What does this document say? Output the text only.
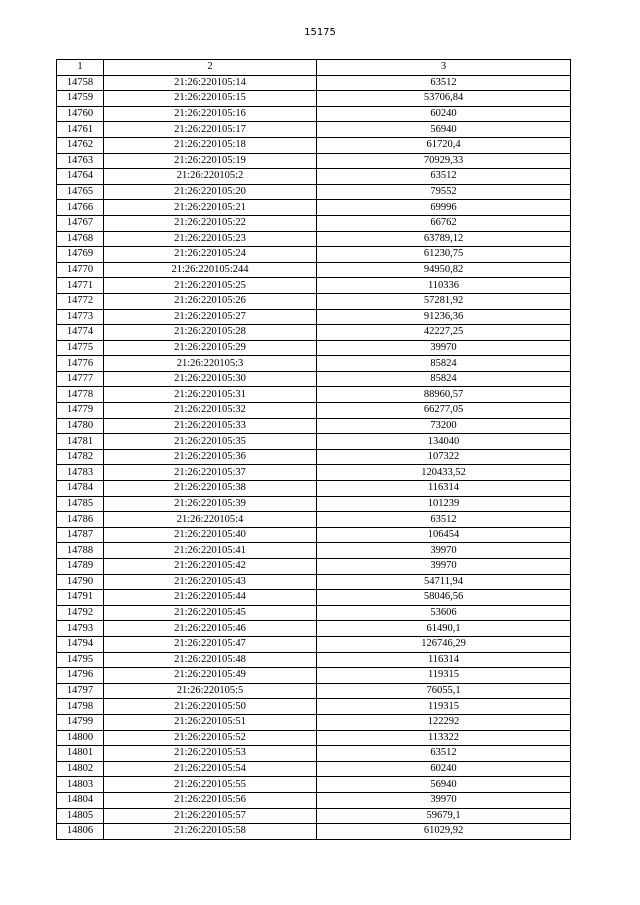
15175
1	2	3
14758	21:26:220105:14	63512
14759	21:26:220105:15	53706,84
14760	21:26:220105:16	60240
14761	21:26:220105:17	56940
14762	21:26:220105:18	61720,4
14763	21:26:220105:19	70929,33
14764	21:26:220105:2	63512
14765	21:26:220105:20	79552
14766	21:26:220105:21	69996
14767	21:26:220105:22	66762
14768	21:26:220105:23	63789,12
14769	21:26:220105:24	61230,75
14770	21:26:220105:244	94950,82
14771	21:26:220105:25	110336
14772	21:26:220105:26	57281,92
14773	21:26:220105:27	91236,36
14774	21:26:220105:28	42227,25
14775	21:26:220105:29	39970
14776	21:26:220105:3	85824
14777	21:26:220105:30	85824
14778	21:26:220105:31	88960,57
14779	21:26:220105:32	66277,05
14780	21:26:220105:33	73200
14781	21:26:220105:35	134040
14782	21:26:220105:36	107322
14783	21:26:220105:37	120433,52
14784	21:26:220105:38	116314
14785	21:26:220105:39	101239
14786	21:26:220105:4	63512
14787	21:26:220105:40	106454
14788	21:26:220105:41	39970
14789	21:26:220105:42	39970
14790	21:26:220105:43	54711,94
14791	21:26:220105:44	58046,56
14792	21:26:220105:45	53606
14793	21:26:220105:46	61490,1
14794	21:26:220105:47	126746,29
14795	21:26:220105:48	116314
14796	21:26:220105:49	119315
14797	21:26:220105:5	76055,1
14798	21:26:220105:50	119315
14799	21:26:220105:51	122292
14800	21:26:220105:52	113322
14801	21:26:220105:53	63512
14802	21:26:220105:54	60240
14803	21:26:220105:55	56940
14804	21:26:220105:56	39970
14805	21:26:220105:57	59679,1
14806	21:26:220105:58	61029,92
